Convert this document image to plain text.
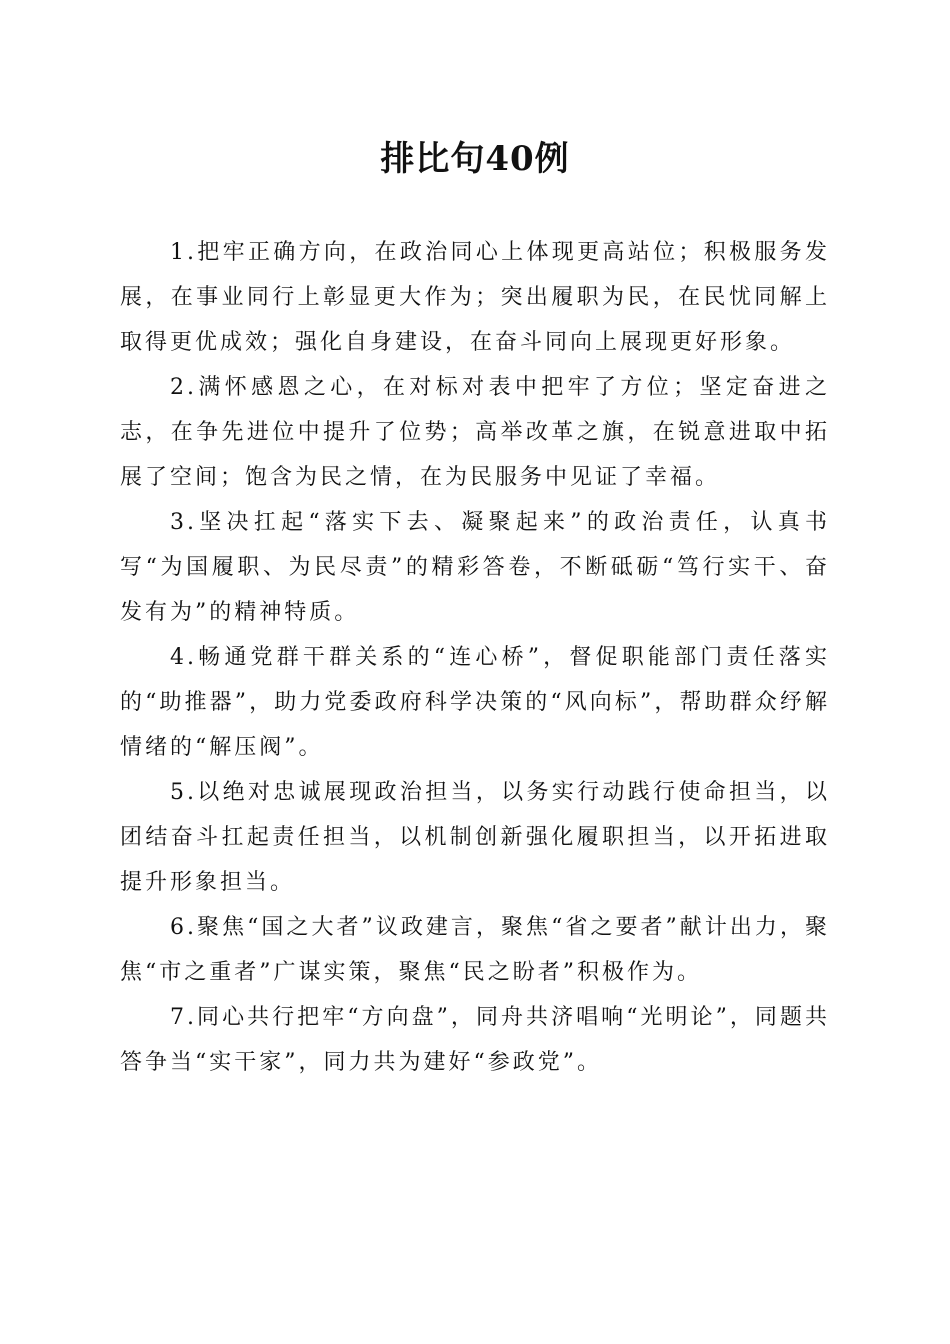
排比句40例

1.把牢正确方向，在政治同心上体现更高站位；积极服务发展，在事业同行上彰显更大作为；突出履职为民，在民忧同解上取得更优成效；强化自身建设，在奋斗同向上展现更好形象。

2.满怀感恩之心，在对标对表中把牢了方位；坚定奋进之志，在争先进位中提升了位势；高举改革之旗，在锐意进取中拓展了空间；饱含为民之情，在为民服务中见证了幸福。

3.坚决扛起“落实下去、凝聚起来”的政治责任，认真书写“为国履职、为民尽责”的精彩答卷，不断砥砺“笃行实干、奋发有为”的精神特质。

4.畅通党群干群关系的“连心桥”，督促职能部门责任落实的“助推器”，助力党委政府科学决策的“风向标”，帮助群众纾解情绪的“解压阀”。

5.以绝对忠诚展现政治担当，以务实行动践行使命担当，以团结奋斗扛起责任担当，以机制创新强化履职担当，以开拓进取提升形象担当。

6.聚焦“国之大者”议政建言，聚焦“省之要者”献计出力，聚焦“市之重者”广谋实策，聚焦“民之盼者”积极作为。

7.同心共行把牢“方向盘”，同舟共济唱响“光明论”，同题共答争当“实干家”，同力共为建好“参政党”。
